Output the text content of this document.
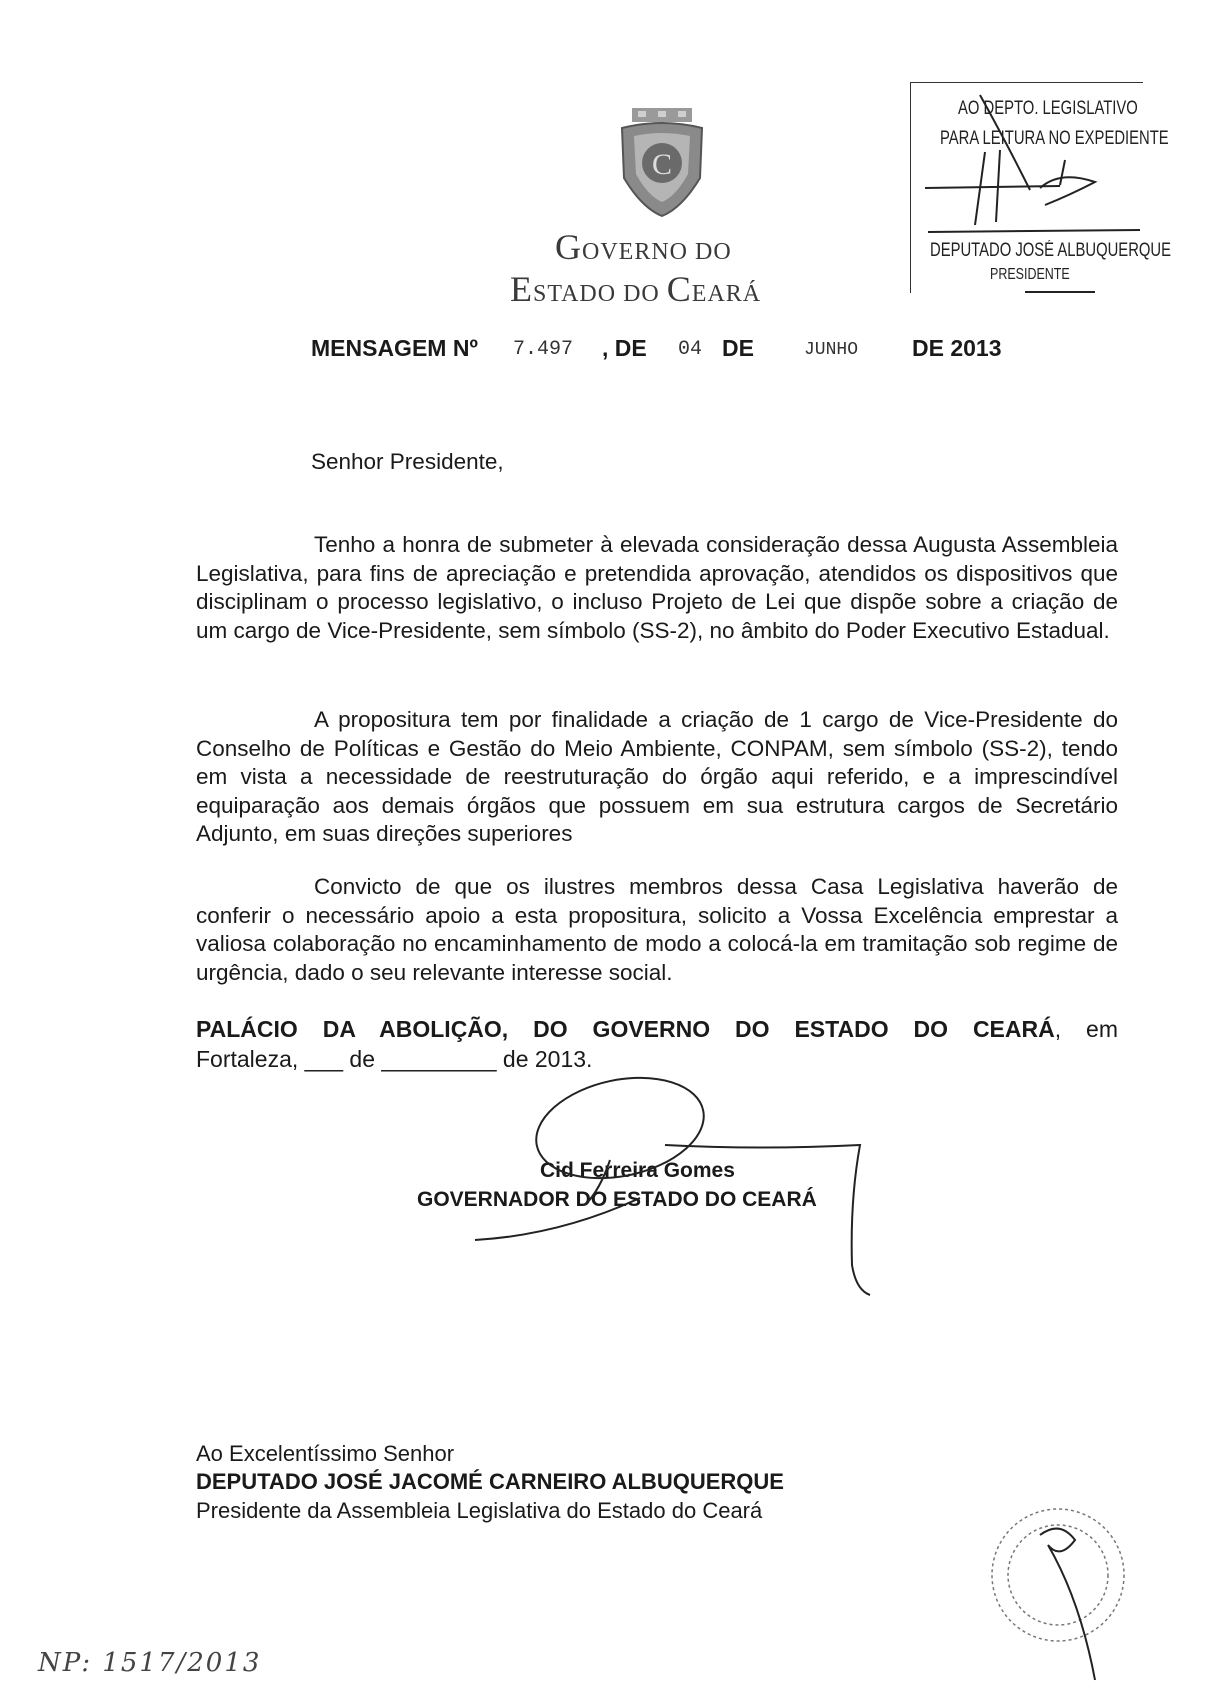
C
GOVERNO DO
ESTADO DO CEARÁ
AO DEPTO. LEGISLATIVO
PARA LEITURA NO EXPEDIENTE
DEPUTADO JOSÉ ALBUQUERQUE
PRESIDENTE
MENSAGEM Nº 7.497 , DE 04 DE	JUNHO DE 2013
Senhor Presidente,
Tenho a honra de submeter à elevada consideração dessa Augusta Assembleia Legislativa, para fins de apreciação e pretendida aprovação, atendidos os dispositivos que disciplinam o processo legislativo, o incluso Projeto de Lei que dispõe sobre a criação de um cargo de Vice-Presidente, sem símbolo (SS-2), no âmbito do Poder Executivo Estadual.
A propositura tem por finalidade a criação de 1 cargo de Vice-Presidente do Conselho de Políticas e Gestão do Meio Ambiente, CONPAM, sem símbolo (SS-2), tendo em vista a necessidade de reestruturação do órgão aqui referido, e a imprescindível equiparação aos demais órgãos que possuem em sua estrutura cargos de Secretário Adjunto, em suas direções superiores
Convicto de que os ilustres membros dessa Casa Legislativa haverão de conferir o necessário apoio a esta propositura, solicito a Vossa Excelência emprestar a valiosa colaboração no encaminhamento de modo a colocá-la em tramitação sob regime de urgência, dado o seu relevante interesse social.
PALÁCIO DA ABOLIÇÃO, DO GOVERNO DO ESTADO DO CEARÁ, em
Fortaleza, ___ de _________ de 2013.
Cid Ferreira Gomes
GOVERNADOR DO ESTADO DO CEARÁ
Ao Excelentíssimo Senhor
DEPUTADO JOSÉ JACOMÉ CARNEIRO ALBUQUERQUE
Presidente da Assembleia Legislativa do Estado do Ceará
NP: 1517/2013
